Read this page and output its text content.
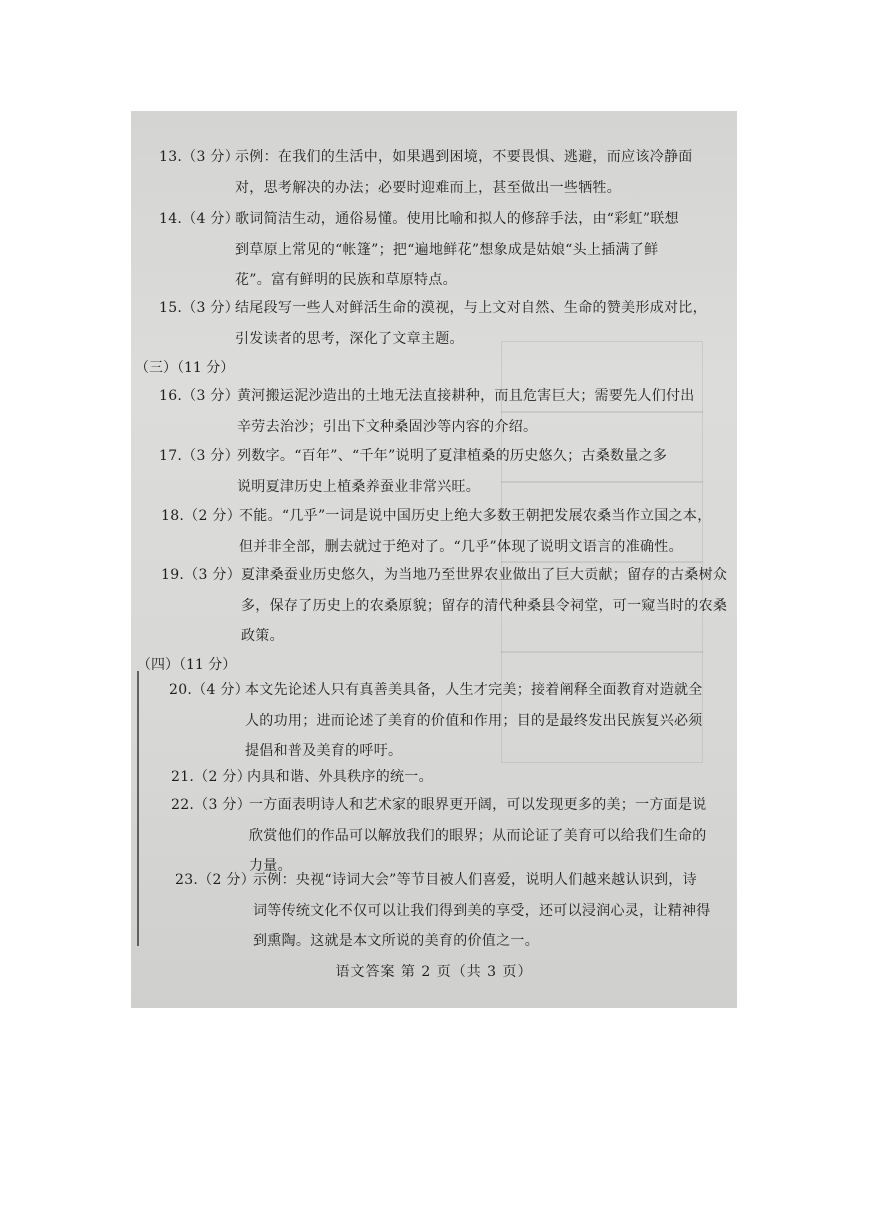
13.（3 分）

示例：在我们的生活中，如果遇到困境，不要畏惧、逃避，而应该冷静面

对，思考解决的办法；必要时迎难而上，甚至做出一些牺牲。

14.（4 分）

歌词简洁生动，通俗易懂。使用比喻和拟人的修辞手法，由“彩虹”联想

到草原上常见的“帐篷”；把“遍地鲜花”想象成是姑娘“头上插满了鲜

花”。富有鲜明的民族和草原特点。

15.（3 分）

结尾段写一些人对鲜活生命的漠视，与上文对自然、生命的赞美形成对比，

引发读者的思考，深化了文章主题。

（三）（11 分）
16.（3 分）

黄河搬运泥沙造出的土地无法直接耕种，而且危害巨大；需要先人们付出

辛劳去治沙；引出下文种桑固沙等内容的介绍。

17.（3 分）

列数字。“百年”、“千年”说明了夏津植桑的历史悠久；古桑数量之多

说明夏津历史上植桑养蚕业非常兴旺。

18.（2 分）

不能。“几乎”一词是说中国历史上绝大多数王朝把发展农桑当作立国之本，

但并非全部，删去就过于绝对了。“几乎”体现了说明文语言的准确性。

19.（3 分） 夏津桑蚕业历史悠久，为当地乃至世界农业做出了巨大贡献；留存的古桑树众

多，保存了历史上的农桑原貌；留存的清代种桑县令祠堂，可一窥当时的农桑

政策。

（四）（11 分）
20.（4 分）

本文先论述人只有真善美具备，人生才完美；接着阐释全面教育对造就全

人的功用；进而论述了美育的价值和作用；目的是最终发出民族复兴必须

提倡和普及美育的呼吁。

21.（2 分）

内具和谐、外具秩序的统一。

22.（3 分）

一方面表明诗人和艺术家的眼界更开阔，可以发现更多的美；一方面是说

欣赏他们的作品可以解放我们的眼界；从而论证了美育可以给我们生命的

力量。

23.（2 分）

示例：央视“诗词大会”等节目被人们喜爱，说明人们越来越认识到，诗

词等传统文化不仅可以让我们得到美的享受，还可以浸润心灵，让精神得

到熏陶。这就是本文所说的美育的价值之一。

语文答案 第 2 页（共 3 页）
